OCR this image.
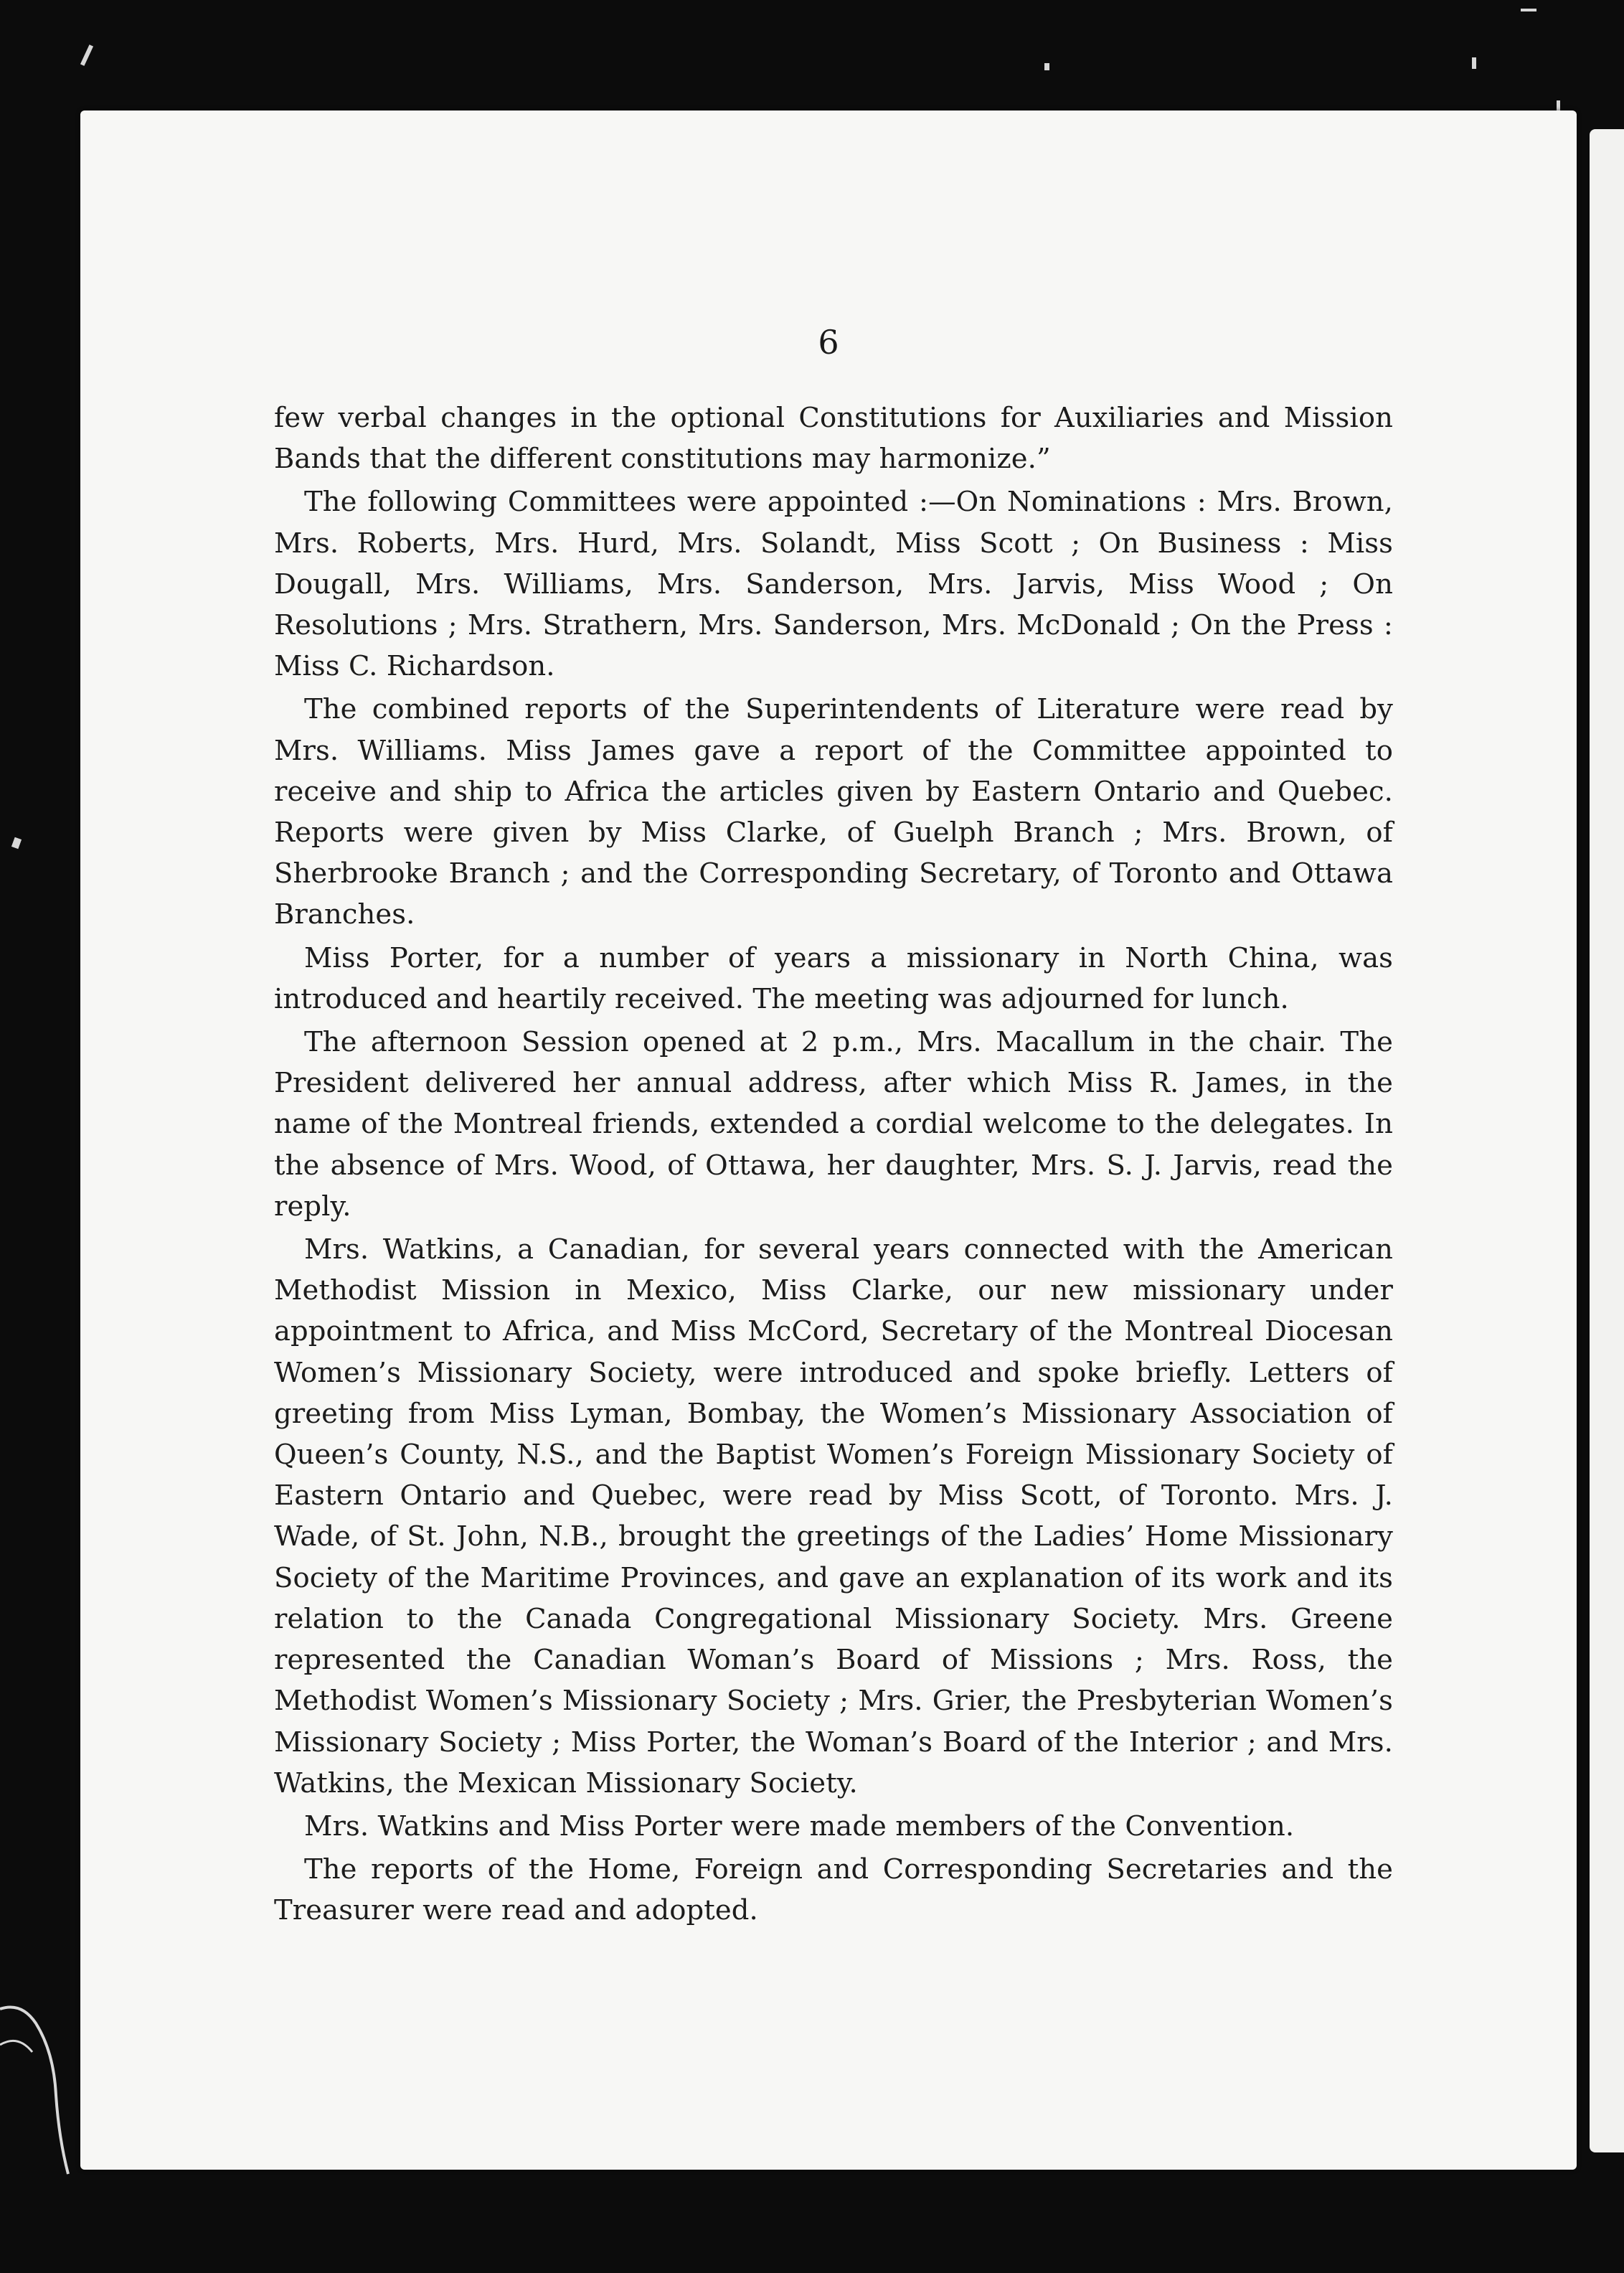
6

few verbal changes in the optional Constitutions for Auxiliaries and Mission Bands that the different constitutions may harmonize.”

The following Committees were appointed :—On Nominations : Mrs. Brown, Mrs. Roberts, Mrs. Hurd, Mrs. Solandt, Miss Scott ; On Business : Miss Dougall, Mrs. Williams, Mrs. Sanderson, Mrs. Jarvis, Miss Wood ; On Resolutions ; Mrs. Strathern, Mrs. Sanderson, Mrs. McDonald ; On the Press : Miss C. Richardson.

The combined reports of the Superintendents of Literature were read by Mrs. Williams. Miss James gave a report of the Committee appointed to receive and ship to Africa the articles given by Eastern Ontario and Quebec. Reports were given by Miss Clarke, of Guelph Branch ; Mrs. Brown, of Sherbrooke Branch ; and the Corresponding Secretary, of Toronto and Ottawa Branches.

Miss Porter, for a number of years a missionary in North China, was introduced and heartily received. The meeting was adjourned for lunch.

The afternoon Session opened at 2 p.m., Mrs. Macallum in the chair. The President delivered her annual address, after which Miss R. James, in the name of the Montreal friends, extended a cordial welcome to the delegates. In the absence of Mrs. Wood, of Ottawa, her daughter, Mrs. S. J. Jarvis, read the reply.

Mrs. Watkins, a Canadian, for several years connected with the American Methodist Mission in Mexico, Miss Clarke, our new missionary under appointment to Africa, and Miss McCord, Secretary of the Montreal Diocesan Women’s Missionary Society, were introduced and spoke briefly. Letters of greeting from Miss Lyman, Bombay, the Women’s Missionary Association of Queen’s County, N.S., and the Baptist Women’s Foreign Missionary Society of Eastern Ontario and Quebec, were read by Miss Scott, of Toronto. Mrs. J. Wade, of St. John, N.B., brought the greetings of the Ladies’ Home Missionary Society of the Maritime Provinces, and gave an explanation of its work and its relation to the Canada Congregational Missionary Society. Mrs. Greene represented the Canadian Woman’s Board of Missions ; Mrs. Ross, the Methodist Women’s Missionary Society ; Mrs. Grier, the Presbyterian Women’s Missionary Society ; Miss Porter, the Woman’s Board of the Interior ; and Mrs. Watkins, the Mexican Missionary Society.

Mrs. Watkins and Miss Porter were made members of the Convention.

The reports of the Home, Foreign and Corresponding Secretaries and the Treasurer were read and adopted.
